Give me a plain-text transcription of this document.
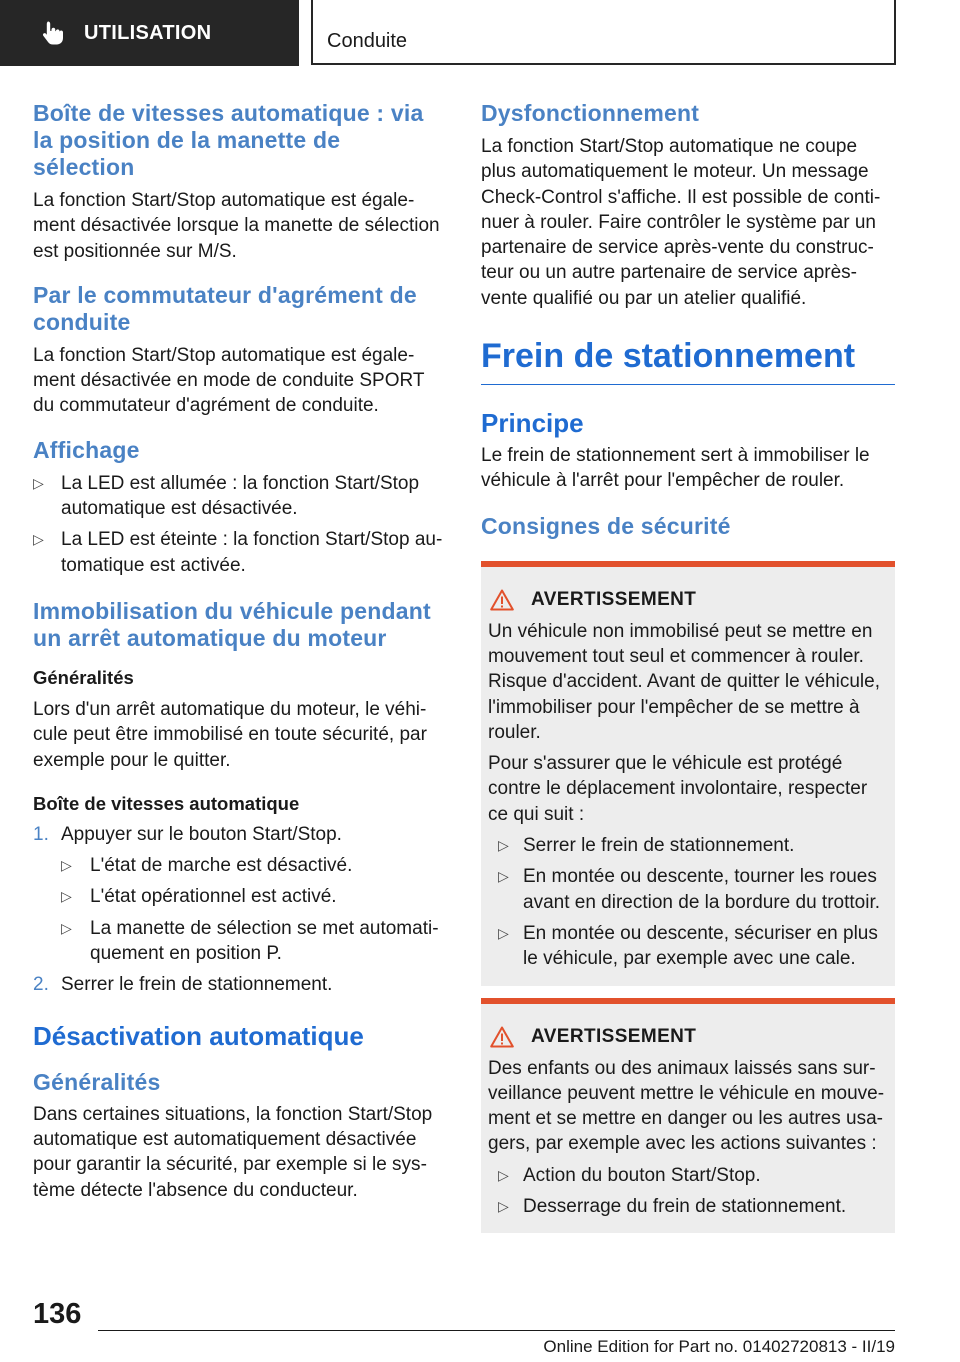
UTILISATION	Conduite
Boîte de vitesses automatique : via la position de la manette de sélection
La fonction Start/Stop automatique est également désactivée lorsque la manette de sélection est positionnée sur M/S.
Par le commutateur d'agrément de conduite
La fonction Start/Stop automatique est également désactivée en mode de conduite SPORT du commutateur d'agrément de conduite.
Affichage
▷ La LED est allumée : la fonction Start/Stop automatique est désactivée.
▷ La LED est éteinte : la fonction Start/Stop automatique est activée.
Immobilisation du véhicule pendant un arrêt automatique du moteur
Généralités
Lors d'un arrêt automatique du moteur, le véhicule peut être immobilisé en toute sécurité, par exemple pour le quitter.
Boîte de vitesses automatique
1. Appuyer sur le bouton Start/Stop.
▷ L'état de marche est désactivé.
▷ L'état opérationnel est activé.
▷ La manette de sélection se met automatiquement en position P.
2. Serrer le frein de stationnement.
Désactivation automatique
Généralités
Dans certaines situations, la fonction Start/Stop automatique est automatiquement désactivée pour garantir la sécurité, par exemple si le système détecte l'absence du conducteur.
Dysfonctionnement
La fonction Start/Stop automatique ne coupe plus automatiquement le moteur. Un message Check-Control s'affiche. Il est possible de continuer à rouler. Faire contrôler le système par un partenaire de service après-vente du constructeur ou un autre partenaire de service après-vente qualifié ou par un atelier qualifié.
Frein de stationnement
Principe
Le frein de stationnement sert à immobiliser le véhicule à l'arrêt pour l'empêcher de rouler.
Consignes de sécurité
AVERTISSEMENT
Un véhicule non immobilisé peut se mettre en mouvement tout seul et commencer à rouler. Risque d'accident. Avant de quitter le véhicule, l'immobiliser pour l'empêcher de se mettre à rouler.
Pour s'assurer que le véhicule est protégé contre le déplacement involontaire, respecter ce qui suit :
▷ Serrer le frein de stationnement.
▷ En montée ou descente, tourner les roues avant en direction de la bordure du trottoir.
▷ En montée ou descente, sécuriser en plus le véhicule, par exemple avec une cale.
AVERTISSEMENT
Des enfants ou des animaux laissés sans surveillance peuvent mettre le véhicule en mouvement et se mettre en danger ou les autres usagers, par exemple avec les actions suivantes :
▷ Action du bouton Start/Stop.
▷ Desserrage du frein de stationnement.
136
Online Edition for Part no. 01402720813 - II/19
